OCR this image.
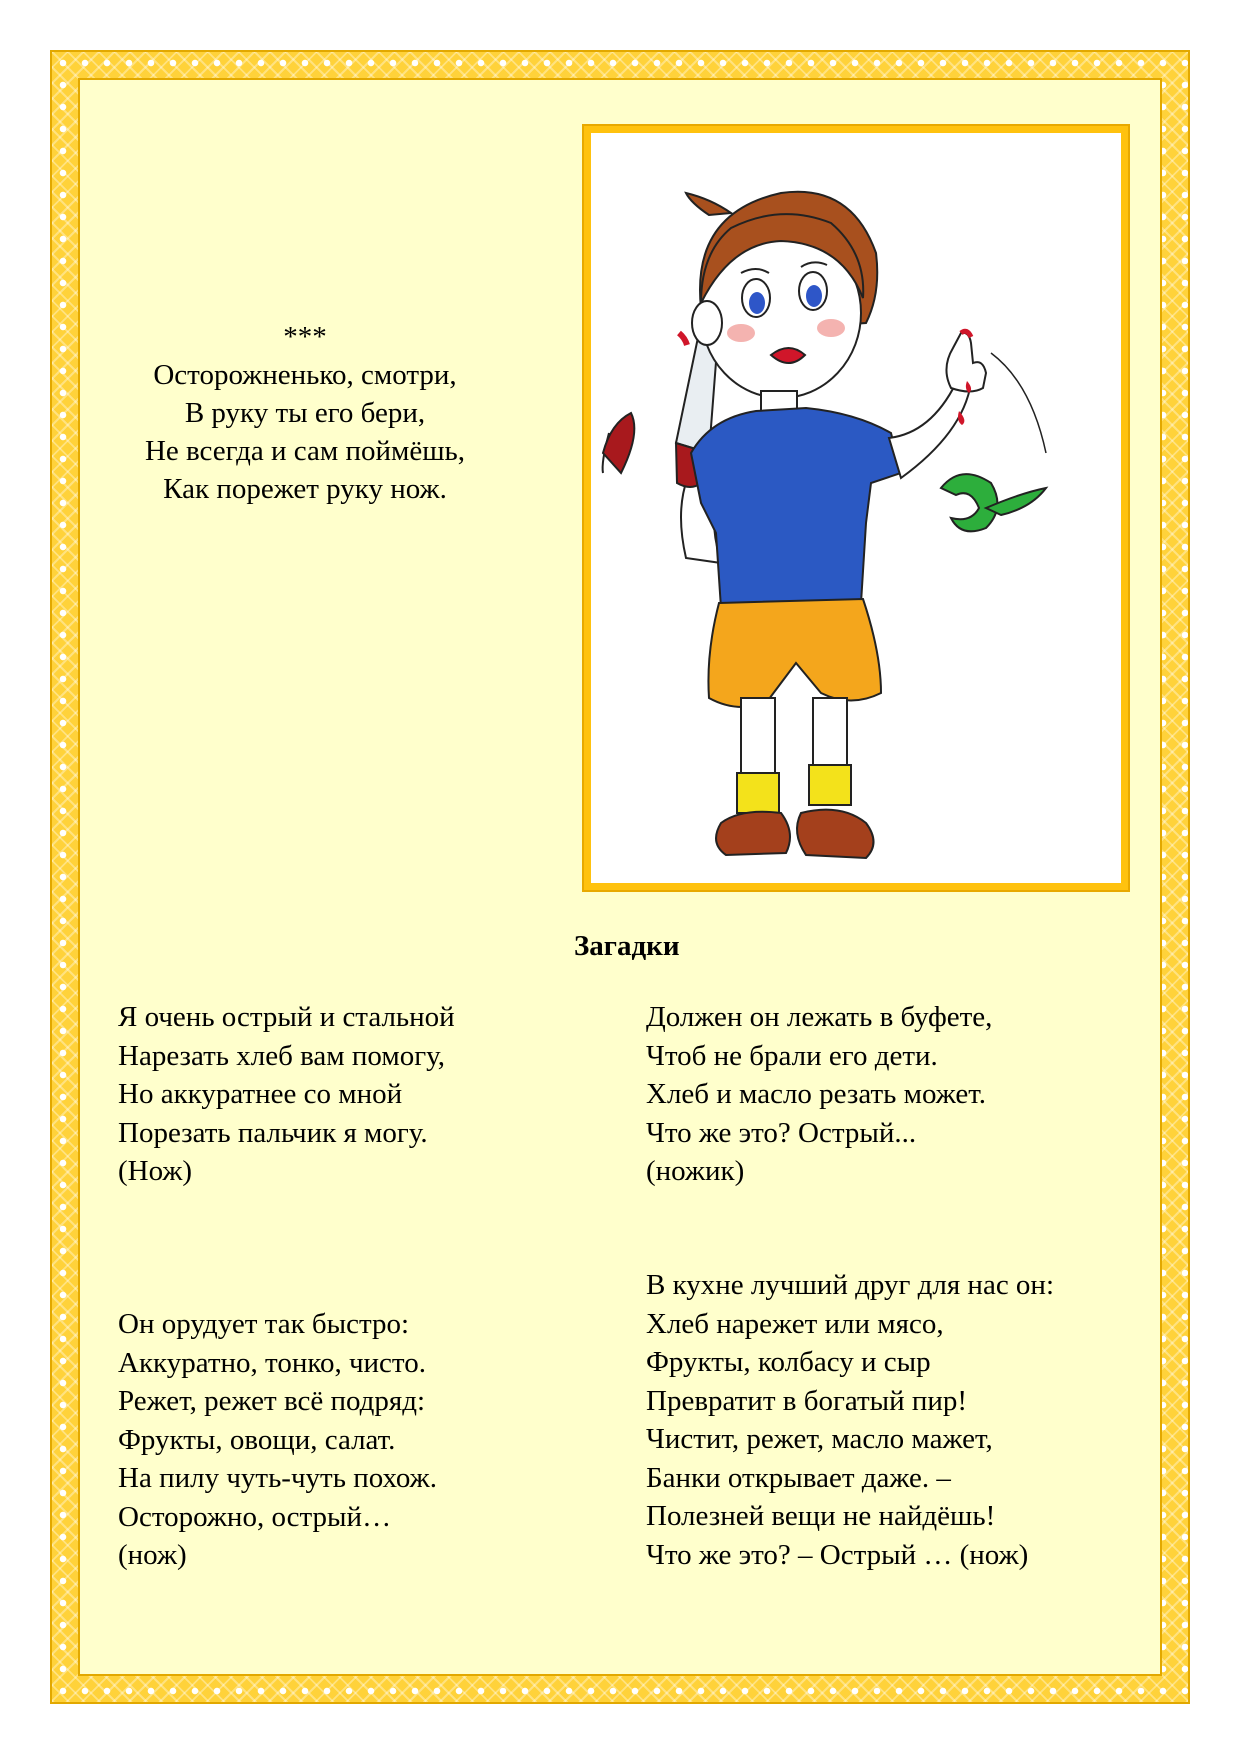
***
Осторожненько, смотри,
В руку ты его бери,
Не всегда и сам поймёшь,
Как порежет руку нож.
Загадки
Я очень острый и стальной
Нарезать хлеб вам помогу,
Но аккуратнее со мной
Порезать пальчик я могу.
(Нож)
Должен он лежать в буфете,
Чтоб не брали его дети.
Хлеб и масло резать может.
Что же это? Острый...
(ножик)
Он орудует так быстро:
Аккуратно, тонко, чисто.
Режет, режет всё подряд:
Фрукты, овощи, салат.
На пилу чуть-чуть похож.
Осторожно, острый…
(нож)
В кухне лучший друг для нас он:
Хлеб нарежет или мясо,
Фрукты, колбасу и сыр
Превратит в богатый пир!
Чистит, режет, масло мажет,
Банки открывает даже. –
Полезней вещи не найдёшь!
Что же это? – Острый … (нож)
